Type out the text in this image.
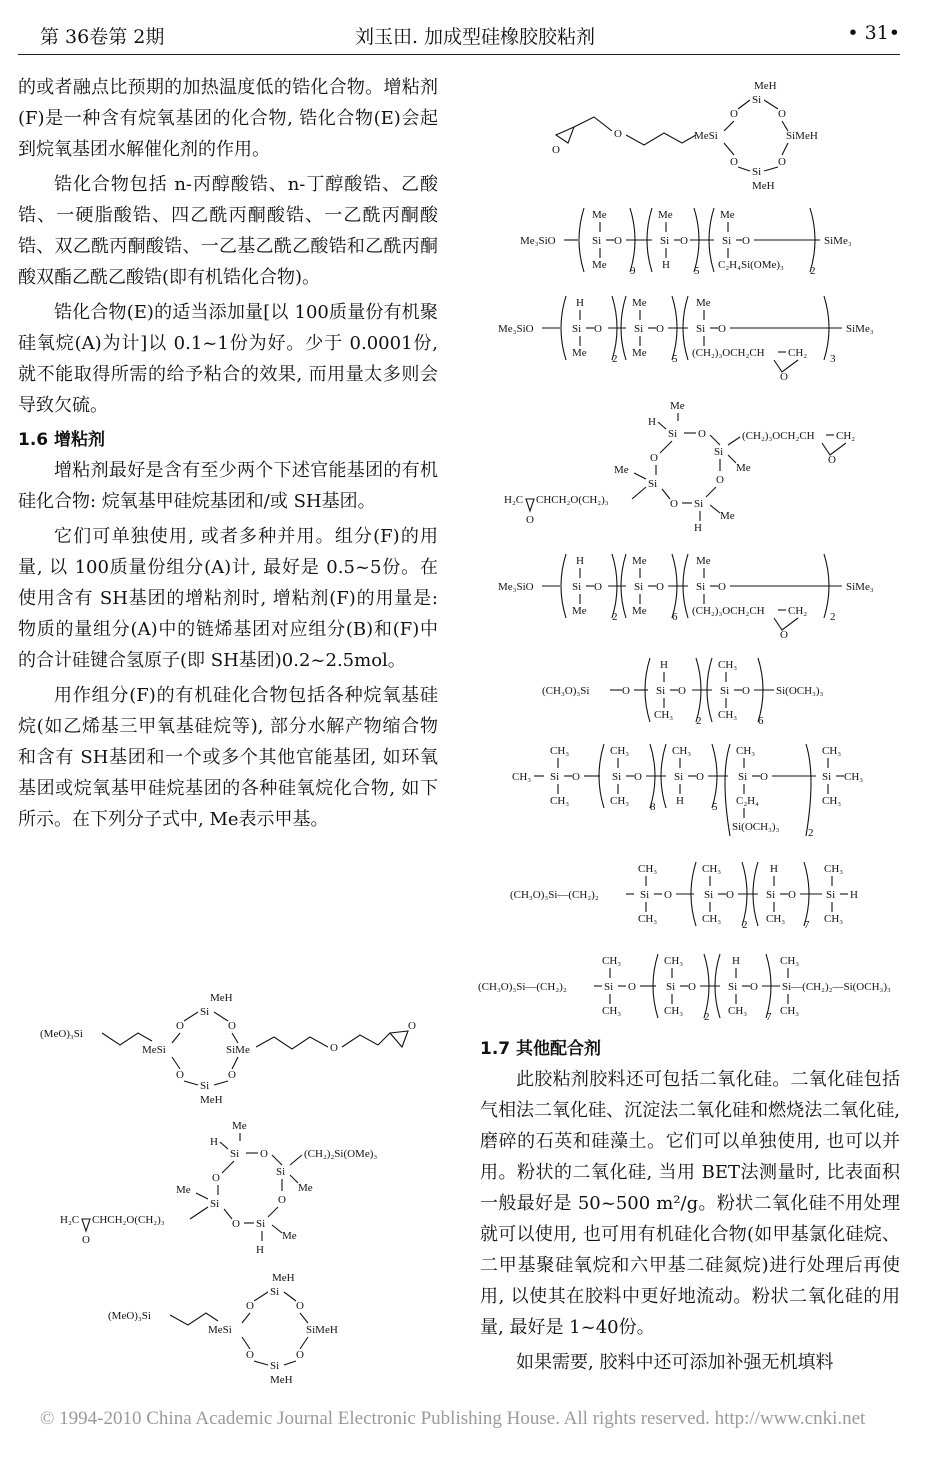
第 36卷第 2期	刘玉田. 加成型硅橡胶胶粘剂	• 31•

的或者融点比预期的加热温度低的锆化合物。增粘剂(F)是一种含有烷氧基团的化合物, 锆化合物(E)会起到烷氧基团水解催化剂的作用。

锆化合物包括 n-丙醇酸锆、n-丁醇酸锆、乙酸锆、一硬脂酸锆、四乙酰丙酮酸锆、一乙酰丙酮酸锆、双乙酰丙酮酸锆、一乙基乙酰乙酸锆和乙酰丙酮酸双酯乙酰乙酸锆(即有机锆化合物)。

锆化合物(E)的适当添加量[以 100质量份有机聚硅氧烷(A)为计]以 0.1~1份为好。少于 0.0001份, 就不能取得所需的给予粘合的效果, 而用量太多则会导致欠硫。

1.6 增粘剂

增粘剂最好是含有至少两个下述官能基团的有机硅化合物: 烷氧基甲硅烷基团和/或 SH基团。

它们可单独使用, 或者多种并用。组分(F)的用量, 以 100质量份组分(A)计, 最好是 0.5~5份。在使用含有 SH基团的增粘剂时, 增粘剂(F)的用量是: 物质的量组分(A)中的链烯基团对应组分(B)和(F)中的合计硅键合氢原子(即 SH基团)0.2~2.5mol。

用作组分(F)的有机硅化合物包括各种烷氧基硅烷(如乙烯基三甲氧基硅烷等), 部分水解产物缩合物和含有 SH基团和一个或多个其他官能基团, 如环氧基团或烷氧基甲硅烷基团的各种硅氧烷化合物, 如下所示。在下列分子式中, Me表示甲基。

(MeO)₃Si
MeSi
MeH
Si
O	O
SiMe
O	O
Si
MeH
O
O
Me
H
Si O
Si
(CH₂)₂Si(OMe)₃
Me
O
O
Si
Me
Si
O
H
Me
H₂C
O
CHCH₂O(CH₂)₃
(MeO)₃Si
MeSi
MeH
Si
O	O
SiMeH
O	O
Si
MeH
O
O	MeSi
MeH
Si
O	O
SiMeH
O	O
Si
MeH
Me₃SiO
Me
Si O
Me 9
Me
Si O
H 5
Me
Si O
C₂H₄Si(OMe)₃ 2
SiMe₃
Me₃SiO
H
Si O
Me 2
Me
Si O
Me 5
Me
Si O
(CH₂)₃OCH₂CH CH₂
O
3
SiMe₃
Me
H
Si O
Si
(CH₂)₃OCH₂CH CH₂
O
Me
O
O
Si
Me
Si
O
H
Me
H₂C
O
CHCH₂O(CH₂)₃
Me₃SiO
H
Si O
Me 2
Me
Si O
Me 6
Me
Si O
(CH₂)₃OCH₂CH CH₂
O
2
SiMe₃
(CH₃O)₃Si	O
H
Si O
CH₃ 2
CH₃
Si O
CH₃ 6
Si(OCH₃)₃
CH₃
CH₃ Si O
CH₃
CH₃
Si O
CH₃ 8
CH₃
Si O
H	5
CH₃
Si O
C₂H₄
Si(OCH₃)₃	2
CH₃
Si CH₃
CH₃
(CH₃O)₃Si—(CH₂)₂
CH₃
Si O
CH₃
CH₃
Si O
CH₃ 2
H
Si O
CH₃ 7
CH₃
Si H
CH₃
(CH₃O)₃Si—(CH₂)₂
CH₃
Si O
CH₃
CH₃
Si O
CH₃ 2
H
Si O
CH₃ 7
CH₃
Si—(CH₂)₂—Si(OCH₃)₃
CH₃
1.7 其他配合剂

此胶粘剂胶料还可包括二氧化硅。二氧化硅包括气相法二氧化硅、沉淀法二氧化硅和燃烧法二氧化硅, 磨碎的石英和硅藻土。它们可以单独使用, 也可以并用。粉状的二氧化硅, 当用 BET法测量时, 比表面积一般最好是 50~500 m²/g。粉状二氧化硅不用处理就可以使用, 也可用有机硅化合物(如甲基氯化硅烷、二甲基聚硅氧烷和六甲基二硅氮烷)进行处理后再使用, 以使其在胶料中更好地流动。粉状二氧化硅的用量, 最好是 1~40份。

如果需要, 胶料中还可添加补强无机填料

© 1994-2010 China Academic Journal Electronic Publishing House. All rights reserved. http://www.cnki.net
